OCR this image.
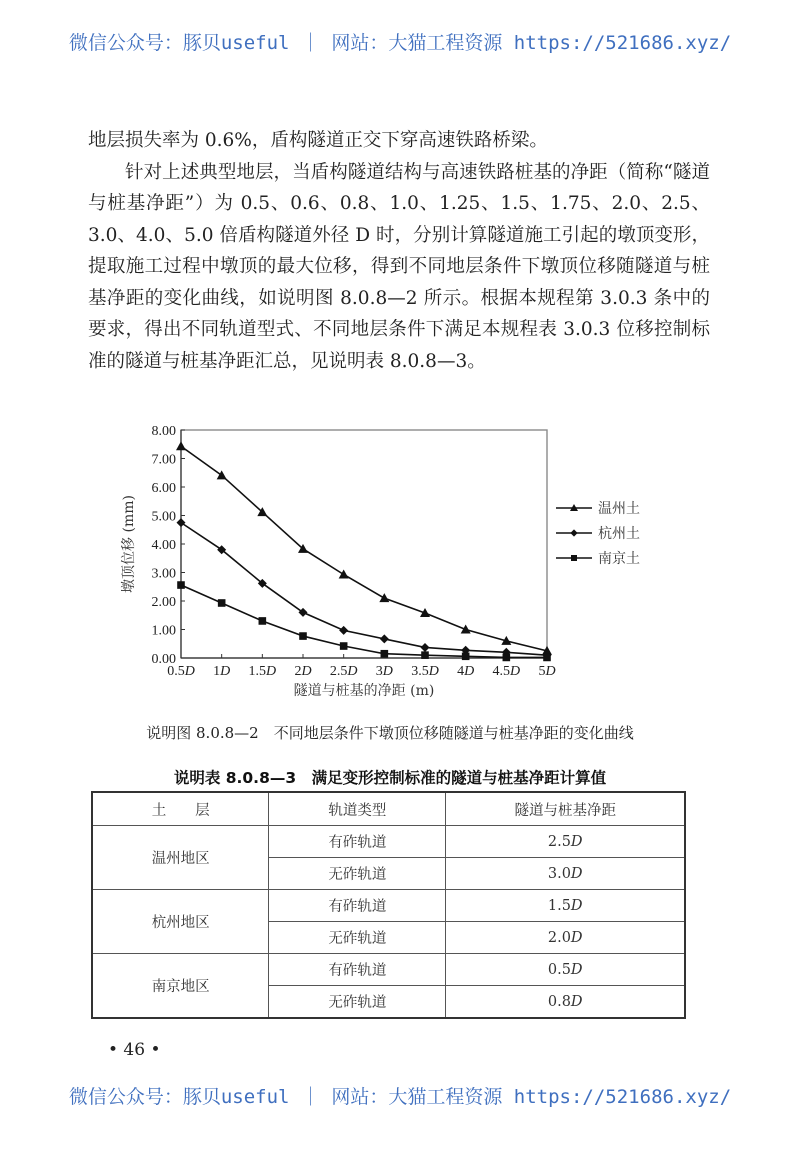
微信公众号：豚贝useful ｜ 网站：大猫工程资源 https://521686.xyz/

地层损失率为 0.6%，盾构隧道正交下穿高速铁路桥梁。

针对上述典型地层，当盾构隧道结构与高速铁路桩基的净距（简称“隧道与桩基净距”）为 0.5、0.6、0.8、1.0、1.25、1.5、1.75、2.0、2.5、3.0、4.0、5.0 倍盾构隧道外径 D 时，分别计算隧道施工引起的墩顶变形，提取施工过程中墩顶的最大位移，得到不同地层条件下墩顶位移随隧道与桩基净距的变化曲线，如说明图 8.0.8—2 所示。根据本规程第 3.0.3 条中的要求，得出不同轨道型式、不同地层条件下满足本规程表 3.0.3 位移控制标准的隧道与桩基净距汇总，见说明表 8.0.8—3。

0.00
1.00
2.00
3.00
4.00
5.00
6.00
7.00
8.00
0.5D 1D 1.5D 2D 2.5D 3D 3.5D 4D 4.5D 5D
隧道与桩基的净距 (m)
墩顶位移 (mm)	温州土
杭州土
南京土
说明图 8.0.8—2　不同地层条件下墩顶位移随隧道与桩基净距的变化曲线
说明表 8.0.8—3　满足变形控制标准的隧道与桩基净距计算值
土　　层	轨道类型	隧道与桩基净距
温州地区	有砟轨道	2.5D
	无砟轨道	3.0D
杭州地区	有砟轨道	1.5D
	无砟轨道	2.0D
南京地区	有砟轨道	0.5D
	无砟轨道	0.8D
• 46 •
微信公众号：豚贝useful ｜ 网站：大猫工程资源 https://521686.xyz/
